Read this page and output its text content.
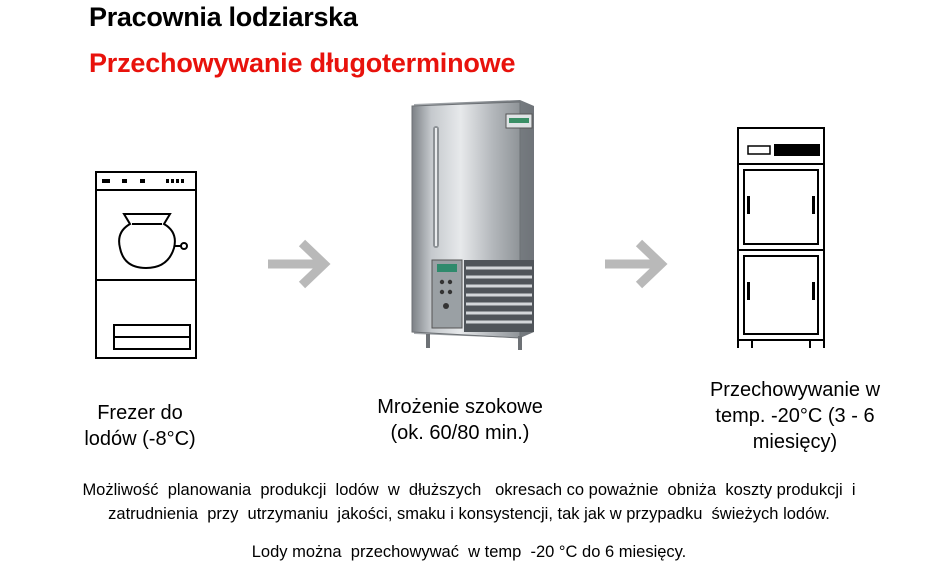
Pracownia lodziarska
Przechowywanie długoterminowe
Frezer do
lodów (-8°C)
Mrożenie szokowe
(ok. 60/80 min.)
Przechowywanie w
temp. -20°C (3 - 6
miesięcy)
Możliwość  planowania  produkcji  lodów  w  dłuższych   okresach co poważnie  obniża  koszty produkcji  i
zatrudnienia  przy  utrzymaniu  jakości, smaku i konsystencji, tak jak w przypadku  świeżych lodów.
Lody można  przechowywać  w temp  -20 °C do 6 miesięcy.
